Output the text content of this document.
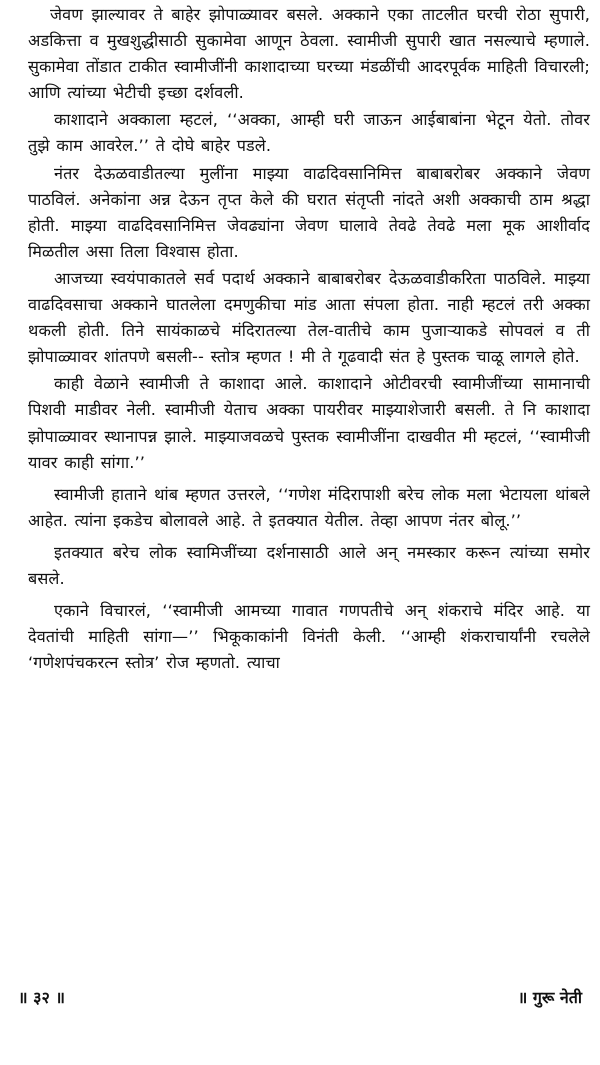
जेवण झाल्यावर ते बाहेर झोपाळ्यावर बसले. अक्काने एका ताटलीत घरची रोठा सुपारी, अडकित्ता व मुखशुद्धीसाठी सुकामेवा आणून ठेवला. स्वामीजी सुपारी खात नसल्याचे म्हणाले. सुकामेवा तोंडात टाकीत स्वामीजींनी काशादाच्या घरच्या मंडळींची आदरपूर्वक माहिती विचारली; आणि त्यांच्या भेटीची इच्छा दर्शवली.

काशादाने अक्काला म्हटलं, ‘‘अक्का, आम्ही घरी जाऊन आईबाबांना भेटून येतो. तोवर तुझे काम आवरेल.’’ ते दोघे बाहेर पडले.

नंतर देऊळवाडीतल्या मुलींना माझ्या वाढदिवसानिमित्त बाबाबरोबर अक्काने जेवण पाठविलं. अनेकांना अन्न देऊन तृप्त केले की घरात संतृप्ती नांदते अशी अक्काची ठाम श्रद्धा होती. माझ्या वाढदिवसानिमित्त जेवढ्यांना जेवण घालावे तेवढे तेवढे मला मूक आशीर्वाद मिळतील असा तिला विश्वास होता.

आजच्या स्वयंपाकातले सर्व पदार्थ अक्काने बाबाबरोबर देऊळवाडीकरिता पाठविले. माझ्या वाढदिवसाचा अक्काने घातलेला दमणुकीचा मांड आता संपला होता. नाही म्हटलं तरी अक्का थकली होती. तिने सायंकाळचे मंदिरातल्या तेल-वातीचे काम पुजाऱ्याकडे सोपवलं व ती झोपाळ्यावर शांतपणे बसली-- स्तोत्र म्हणत ! मी ते गूढवादी संत हे पुस्तक चाळू लागले होते.

काही वेळाने स्वामीजी ते काशादा आले. काशादाने ओटीवरची स्वामीजींच्या सामानाची पिशवी माडीवर नेली. स्वामीजी येताच अक्का पायरीवर माझ्याशेजारी बसली. ते नि काशादा झोपाळ्यावर स्थानापन्न झाले. माझ्याजवळचे पुस्तक स्वामीजींना दाखवीत मी म्हटलं, ‘‘स्वामीजी यावर काही सांगा.’’

स्वामीजी हाताने थांब म्हणत उत्तरले, ‘‘गणेश मंदिरापाशी बरेच लोक मला भेटायला थांबले आहेत. त्यांना इकडेच बोलावले आहे. ते इतक्यात येतील. तेव्हा आपण नंतर बोलू.’’

इतक्यात बरेच लोक स्वामिजींच्या दर्शनासाठी आले अन् नमस्कार करून त्यांच्या समोर बसले.

एकाने विचारलं, ‘‘स्वामीजी आमच्या गावात गणपतीचे अन् शंकराचे मंदिर आहे. या देवतांची माहिती सांगा—’’ भिकूकाकांनी विनंती केली. ‘‘आम्ही शंकराचार्यांनी रचलेले ‘गणेशपंचकरत्न स्तोत्र’ रोज म्हणतो. त्याचा

॥ ३२ ॥	॥ गुरू नेती
